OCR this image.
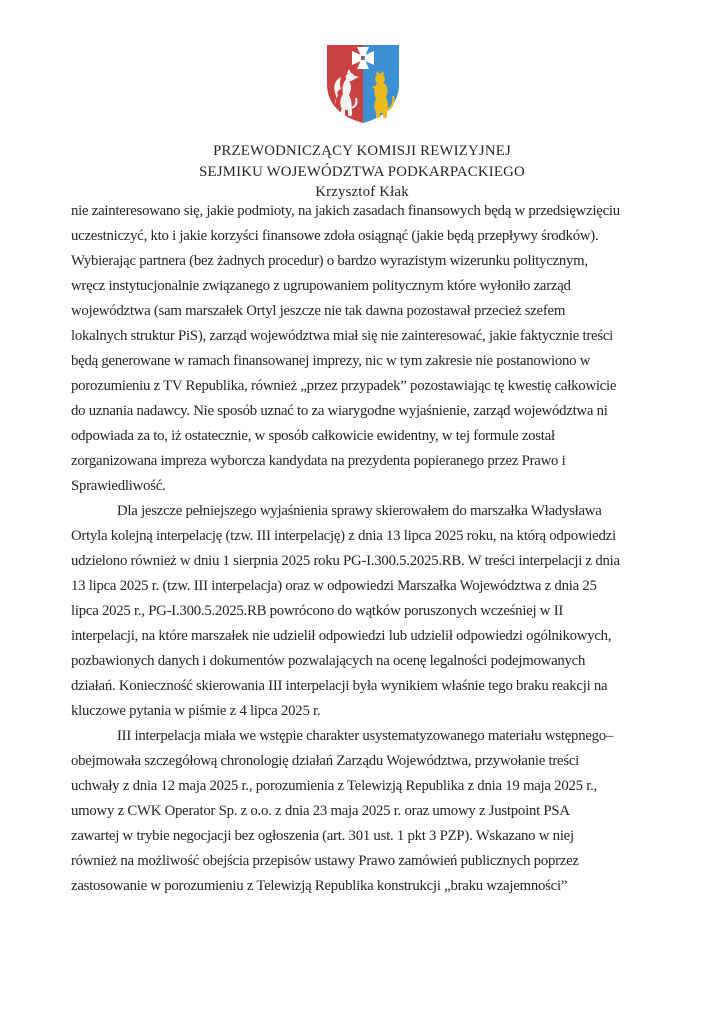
PRZEWODNICZĄCY KOMISJI REWIZYJNEJ
SEJMIKU WOJEWÓDZTWA PODKARPACKIEGO
Krzysztof Kłak
nie zainteresowano się, jakie podmioty, na jakich zasadach finansowych będą w przedsięwzięciu
uczestniczyć, kto i jakie korzyści finansowe zdoła osiągnąć (jakie będą przepływy środków).
Wybierając partnera (bez żadnych procedur) o bardzo wyrazistym wizerunku politycznym,
wręcz instytucjonalnie związanego z ugrupowaniem politycznym które wyłoniło zarząd
województwa (sam marszałek Ortyl jeszcze nie tak dawna pozostawał przecież szefem
lokalnych struktur PiS), zarząd województwa miał się nie zainteresować, jakie faktycznie treści
będą generowane w ramach finansowanej imprezy, nic w tym zakresie nie postanowiono w
porozumieniu z TV Republika, również „przez przypadek” pozostawiając tę kwestię całkowicie
do uznania nadawcy. Nie sposób uznać to za wiarygodne wyjaśnienie, zarząd województwa ni
odpowiada za to, iż ostatecznie, w sposób całkowicie ewidentny, w tej formule został
zorganizowana impreza wyborcza kandydata na prezydenta popieranego przez Prawo i
Sprawiedliwość.
Dla jeszcze pełniejszego wyjaśnienia sprawy skierowałem do marszałka Władysława
Ortyla kolejną interpelację (tzw. III interpelację) z dnia 13 lipca 2025 roku, na którą odpowiedzi
udzielono również w dniu 1 sierpnia 2025 roku PG-I.300.5.2025.RB. W treści interpelacji z dnia
13 lipca 2025 r. (tzw. III interpelacja) oraz w odpowiedzi Marszałka Województwa z dnia 25
lipca 2025 r., PG-I.300.5.2025.RB powrócono do wątków poruszonych wcześniej w II
interpelacji, na które marszałek nie udzielił odpowiedzi lub udzielił odpowiedzi ogólnikowych,
pozbawionych danych i dokumentów pozwalających na ocenę legalności podejmowanych
działań. Konieczność skierowania III interpelacji była wynikiem właśnie tego braku reakcji na
kluczowe pytania w piśmie z 4 lipca 2025 r.
III interpelacja miała we wstępie charakter usystematyzowanego materiału wstępnego–
obejmowała szczegółową chronologię działań Zarządu Województwa, przywołanie treści
uchwały z dnia 12 maja 2025 r., porozumienia z Telewizją Republika z dnia 19 maja 2025 r.,
umowy z CWK Operator Sp. z o.o. z dnia 23 maja 2025 r. oraz umowy z Justpoint PSA
zawartej w trybie negocjacji bez ogłoszenia (art. 301 ust. 1 pkt 3 PZP). Wskazano w niej
również na możliwość obejścia przepisów ustawy Prawo zamówień publicznych poprzez
zastosowanie w porozumieniu z Telewizją Republika konstrukcji „braku wzajemności”
